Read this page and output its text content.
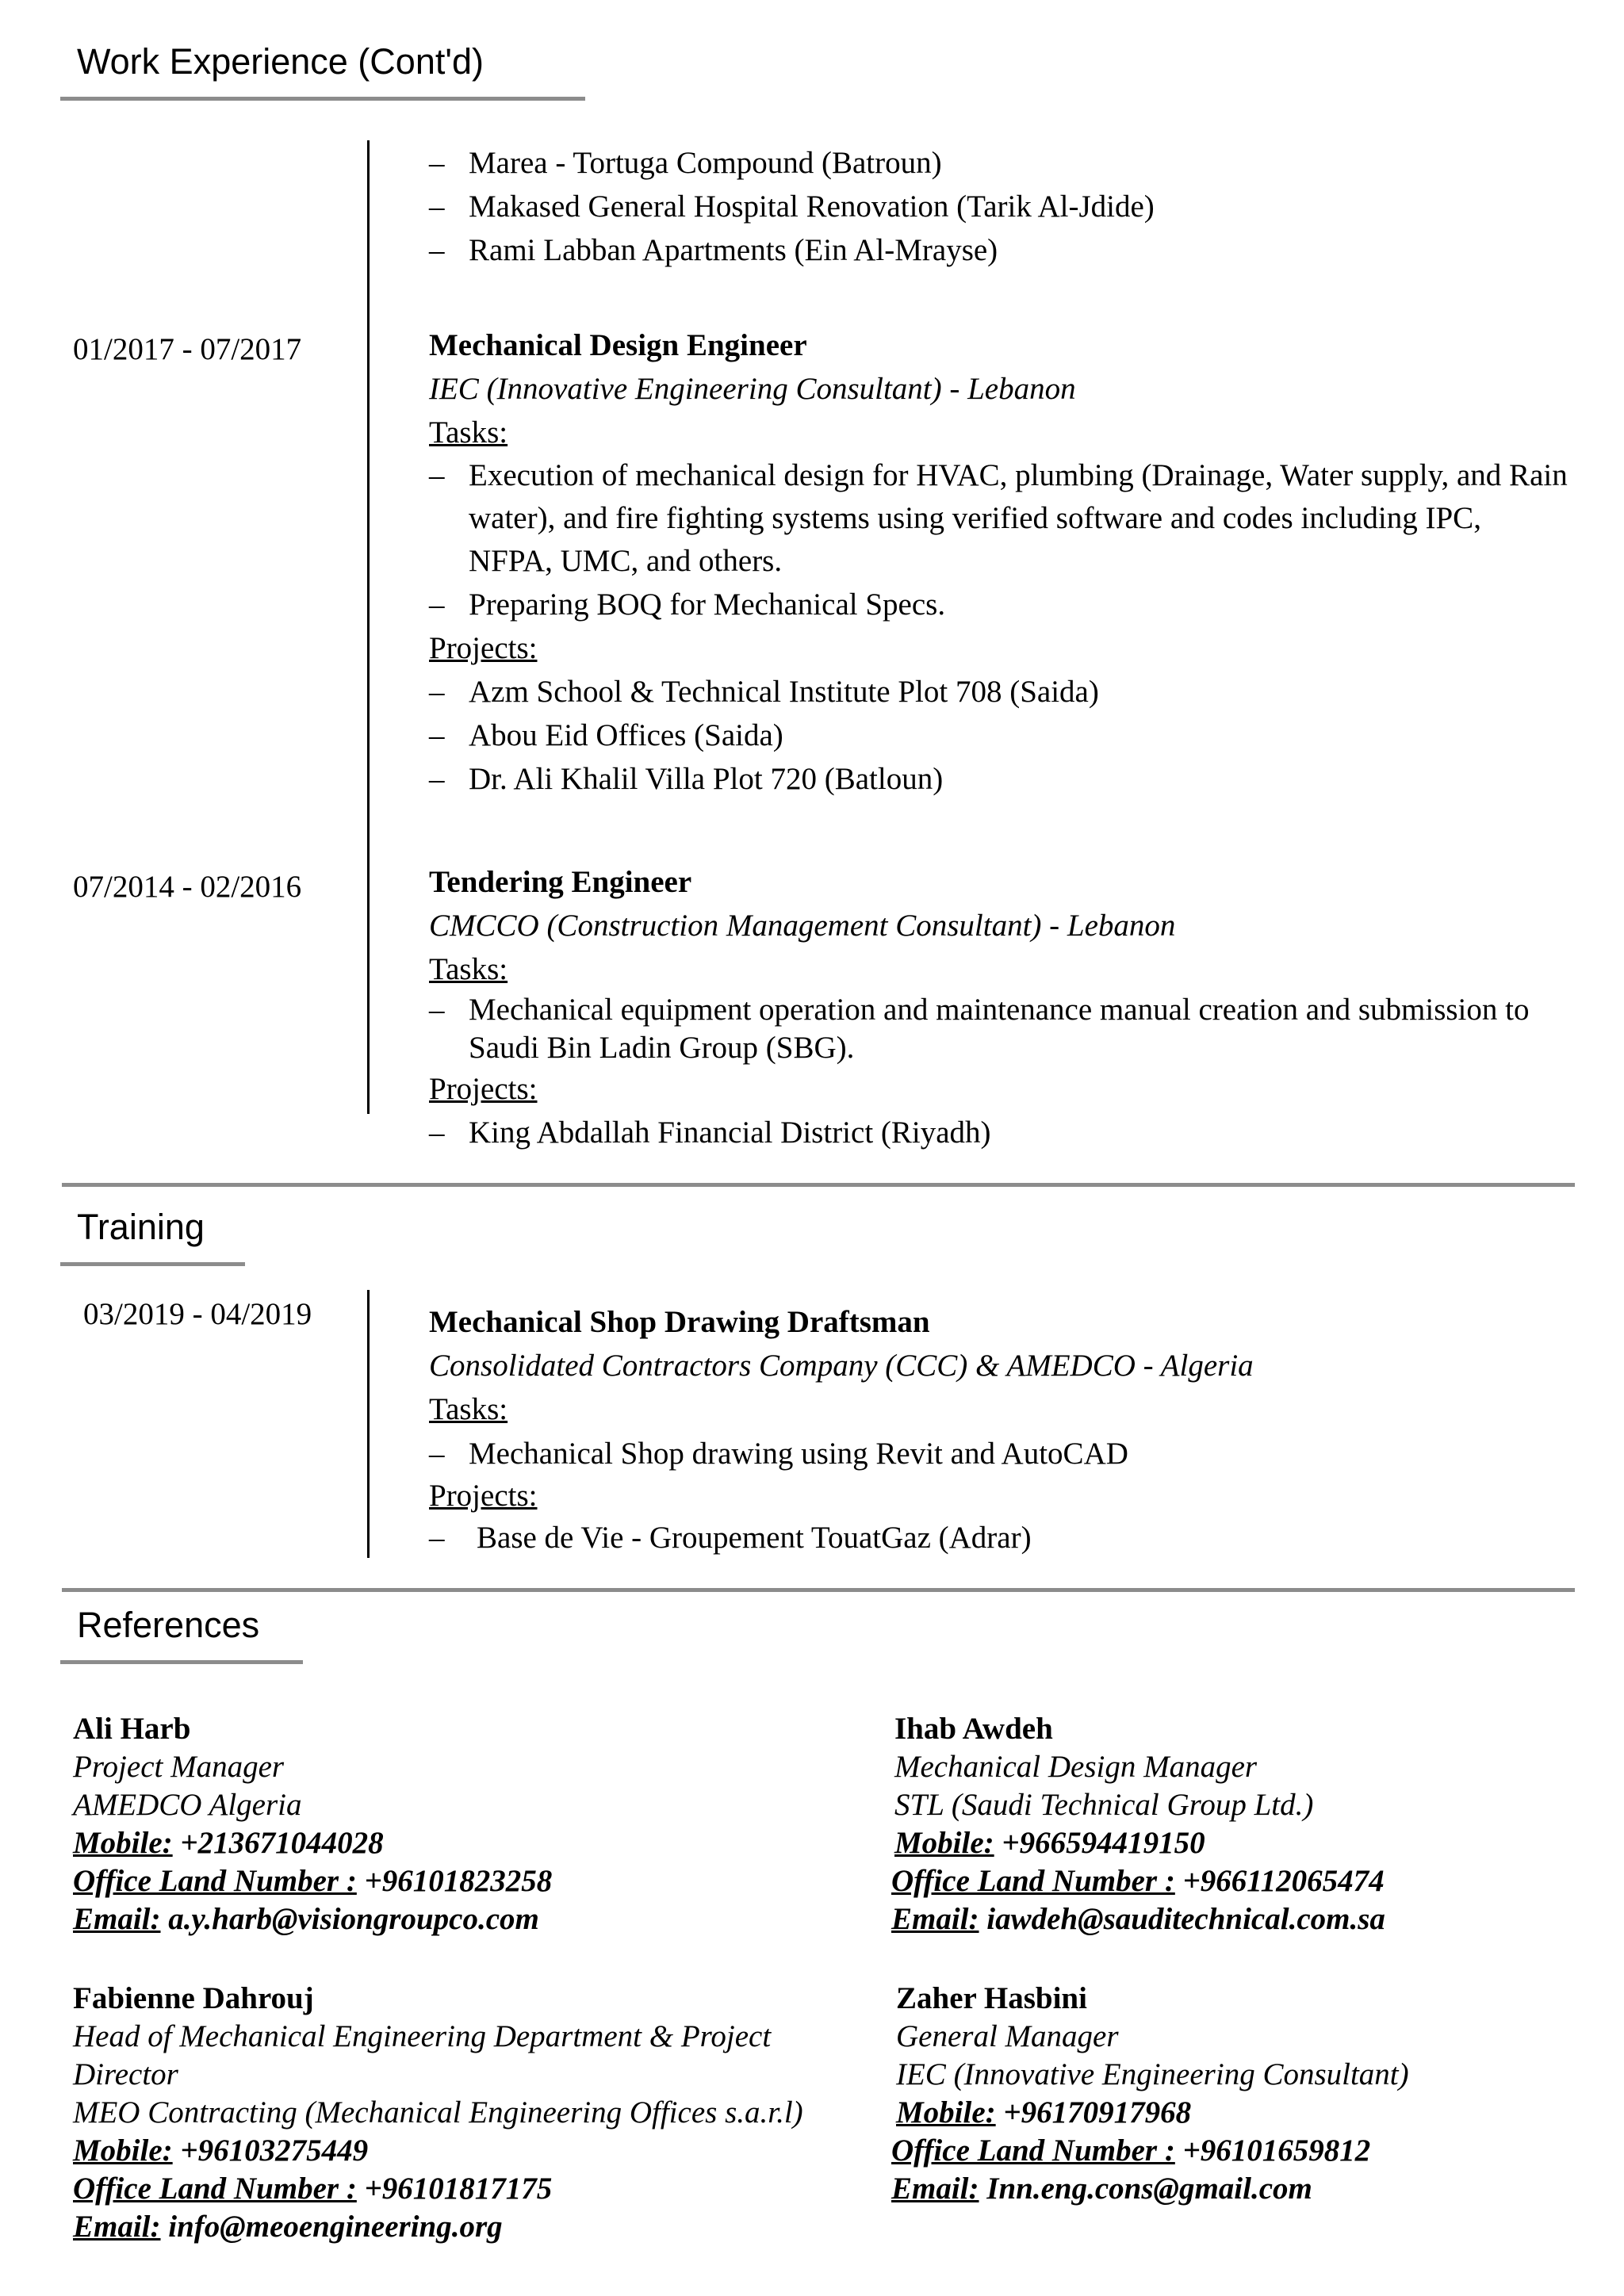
Work Experience (Cont'd)
– Marea - Tortuga Compound (Batroun)
– Makased General Hospital Renovation (Tarik Al-Jdide)
– Rami Labban Apartments (Ein Al-Mrayse)
01/2017 - 07/2017	Mechanical Design Engineer
IEC (Innovative Engineering Consultant) - Lebanon
Tasks:
– Execution of mechanical design for HVAC, plumbing (Drainage, Water supply, and Rain water), and fire fighting systems using verified software and codes including IPC, NFPA, UMC, and others.
– Preparing BOQ for Mechanical Specs.
Projects:
– Azm School & Technical Institute Plot 708 (Saida)
– Abou Eid Offices (Saida)
– Dr. Ali Khalil Villa Plot 720 (Batloun)
07/2014 - 02/2016	Tendering Engineer
CMCCO (Construction Management Consultant) - Lebanon
Tasks:
– Mechanical equipment operation and maintenance manual creation and submission to Saudi Bin Ladin Group (SBG).
Projects:
– King Abdallah Financial District (Riyadh)
Training
03/2019 - 04/2019	Mechanical Shop Drawing Draftsman
Consolidated Contractors Company (CCC) & AMEDCO - Algeria
Tasks:
– Mechanical Shop drawing using Revit and AutoCAD
Projects:
– Base de Vie - Groupement TouatGaz (Adrar)
References
Ali Harb
Project Manager
AMEDCO Algeria
Mobile: +213671044028
Office Land Number : +96101823258
Email: a.y.harb@visiongroupco.com
Ihab Awdeh
Mechanical Design Manager
STL (Saudi Technical Group Ltd.)
Mobile: +966594419150
Office Land Number : +966112065474
Email: iawdeh@sauditechnical.com.sa
Fabienne Dahrouj
Head of Mechanical Engineering Department & Project
Director
MEO Contracting (Mechanical Engineering Offices s.a.r.l)
Mobile: +96103275449
Office Land Number : +96101817175
Email: info@meoengineering.org
Zaher Hasbini
General Manager
IEC (Innovative Engineering Consultant)
Mobile: +96170917968
Office Land Number : +96101659812
Email: Inn.eng.cons@gmail.com
